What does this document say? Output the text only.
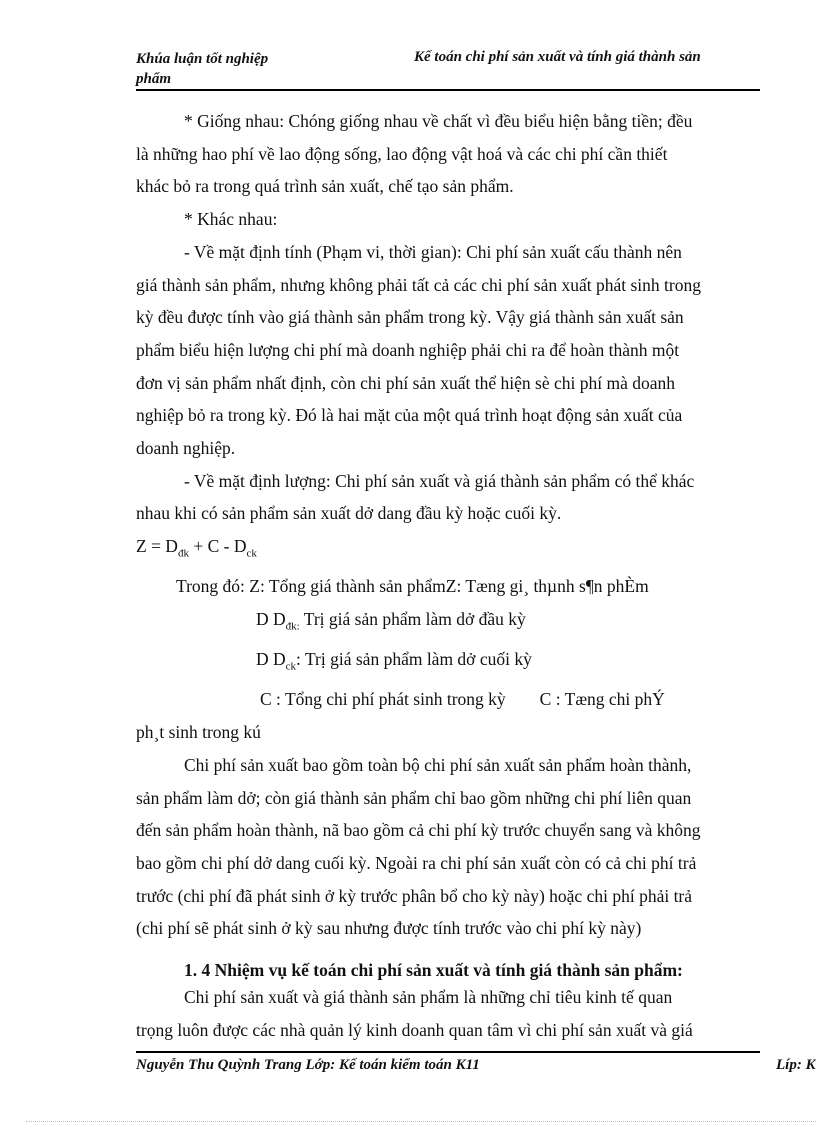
Khúa luận tốt nghiệp
phẩm
Kế toán chi phí sản xuất và tính giá thành sản

* Giống nhau: Chóng giống nhau về chất vì đều biểu hiện bằng tiền; đều

là những hao phí về lao động sống, lao động vật hoá và các chi phí cần thiết

khác bỏ ra trong quá trình sản xuất, chế tạo sản phẩm.

* Khác nhau:

- Về mặt định tính (Phạm vi, thời gian): Chi phí sản xuất cấu thành nên

giá thành sản phẩm, nhưng không phải tất cả các chi phí sản xuất phát sinh trong

kỳ đều được tính vào giá thành sản phẩm trong kỳ. Vậy giá thành sản xuất sản

phẩm biểu hiện lượng chi phí mà doanh nghiệp phải chi ra để hoàn thành một

đơn vị sản phẩm nhất định, còn chi phí sản xuất thể hiện sè chi phí mà doanh

nghiệp bỏ ra trong kỳ. Đó là hai mặt của một quá trình hoạt động sản xuất của

doanh nghiệp.

- Về mặt định lượng: Chi phí sản xuất và giá thành sản phẩm có thể khác

nhau khi có sản phẩm sản xuất dở dang đầu kỳ hoặc cuối kỳ.

$Z = D_{đk} + C - D_{ck}$

Trong đó: Z: Tổng giá thành sản phẩmZ: Tæng gi¸ thµnh s¶n phÈm

D $D_{đk:}$ Trị giá sản phẩm làm dở đầu kỳ

D $D_{ck}$: Trị giá sản phẩm làm dở cuối kỳ

C : Tổng chi phí phát sinh trong kỳ C : Tæng chi phÝ

ph¸t sinh trong kú

Chi phí sản xuất bao gồm toàn bộ chi phí sản xuất sản phẩm hoàn thành,

sản phẩm làm dở; còn giá thành sản phẩm chỉ bao gồm những chi phí liên quan

đến sản phẩm hoàn thành, nã bao gồm cả chi phí kỳ trước chuyển sang và không

bao gồm chi phí dở dang cuối kỳ. Ngoài ra chi phí sản xuất còn có cả chi phí trả

trước (chi phí đã phát sinh ở kỳ trước phân bổ cho kỳ này) hoặc chi phí phải trả

(chi phí sẽ phát sinh ở kỳ sau nhưng được tính trước vào chi phí kỳ này)

1. 4 Nhiệm vụ kế toán chi phí sản xuất và tính giá thành sản phẩm:

Chi phí sản xuất và giá thành sản phẩm là những chỉ tiêu kinh tế quan

trọng luôn được các nhà quản lý kinh doanh quan tâm vì chi phí sản xuất và giá

Nguyễn Thu Quỳnh Trang Lớp: Kế toán kiểm toán K11	Líp: K
